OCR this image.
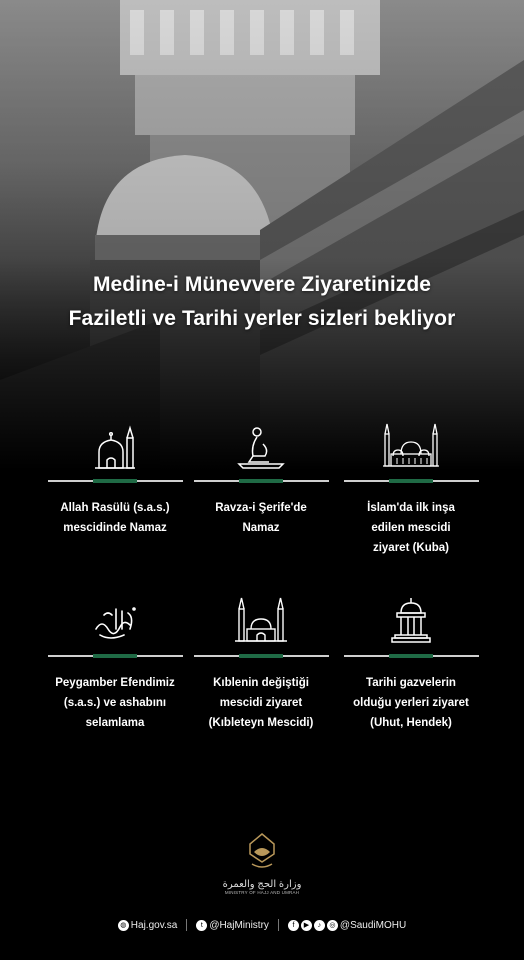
Medine-i Münevvere Ziyaretinizde
Faziletli ve Tarihi yerler sizleri bekliyor
Allah Rasülü (s.a.s.)
mescidinde Namaz
Ravza-i Şerife'de
Namaz
İslam'da ilk inşa
edilen mescidi
ziyaret (Kuba)
Peygamber Efendimiz
(s.a.s.) ve ashabını
selamlama
Kıblenin değiştiği
mescidi ziyaret
(Kıbleteyn Mescidi)
Tarihi gazvelerin
olduğu yerleri ziyaret
(Uhut, Hendek)
وزارة الحج والعمرة
MINISTRY OF HAJJ AND UMRAH
◍ Haj.gov.sa	t @HajMinistry	f	▶	♪	◎ @SaudiMOHU
